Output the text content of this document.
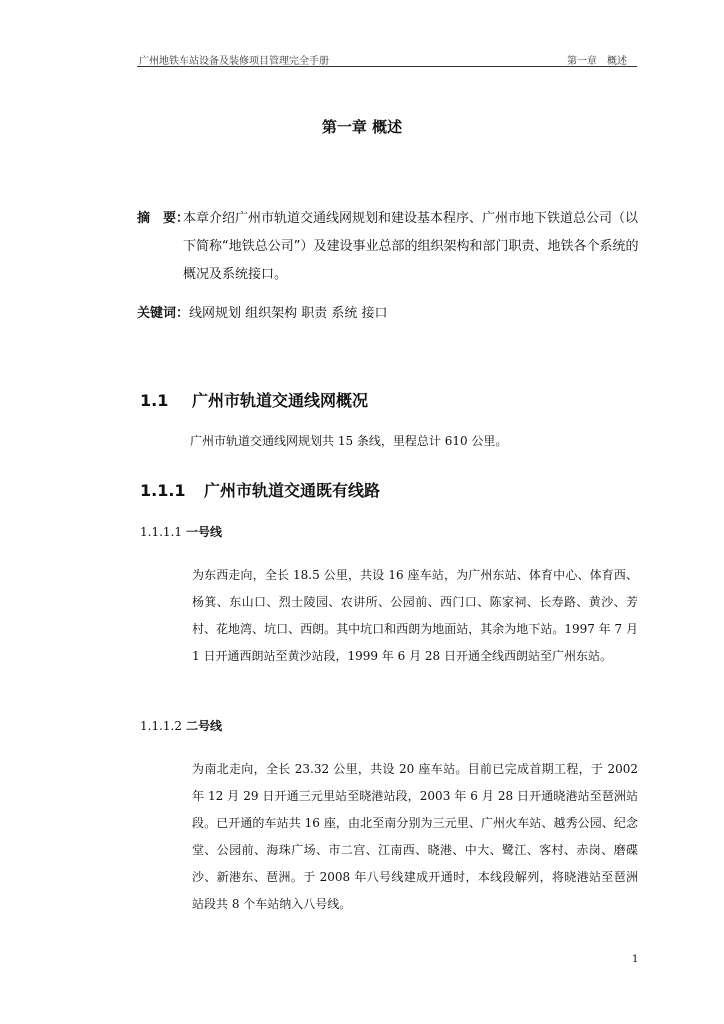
广州地铁车站设备及装修项目管理完全手册	第一章　概述
第一章 概述
摘　要：
本章介绍广州市轨道交通线网规划和建设基本程序、广州市地下铁道总公司（以下简称“地铁总公司”）及建设事业总部的组织架构和部门职责、地铁各个系统的概况及系统接口。
关键词：线网规划 组织架构 职责 系统 接口
1.1 广州市轨道交通线网概况
广州市轨道交通线网规划共 15 条线，里程总计 610 公里。
1.1.1 广州市轨道交通既有线路
1.1.1.1 一号线
为东西走向，全长 18.5 公里，共设 16 座车站，为广州东站、体育中心、体育西、杨箕、东山口、烈士陵园、农讲所、公园前、西门口、陈家祠、长寿路、黄沙、芳村、花地湾、坑口、西朗。其中坑口和西朗为地面站，其余为地下站。1997 年 7 月 1 日开通西朗站至黄沙站段，1999 年 6 月 28 日开通全线西朗站至广州东站。
1.1.1.2 二号线
为南北走向，全长 23.32 公里，共设 20 座车站。目前已完成首期工程，于 2002 年 12 月 29 日开通三元里站至晓港站段，2003 年 6 月 28 日开通晓港站至琶洲站段。已开通的车站共 16 座，由北至南分别为三元里、广州火车站、越秀公园、纪念堂、公园前、海珠广场、市二宫、江南西、晓港、中大、鹭江、客村、赤岗、磨碟沙、新港东、琶洲。于 2008 年八号线建成开通时，本线段解列，将晓港站至琶洲站段共 8 个车站纳入八号线。
1
